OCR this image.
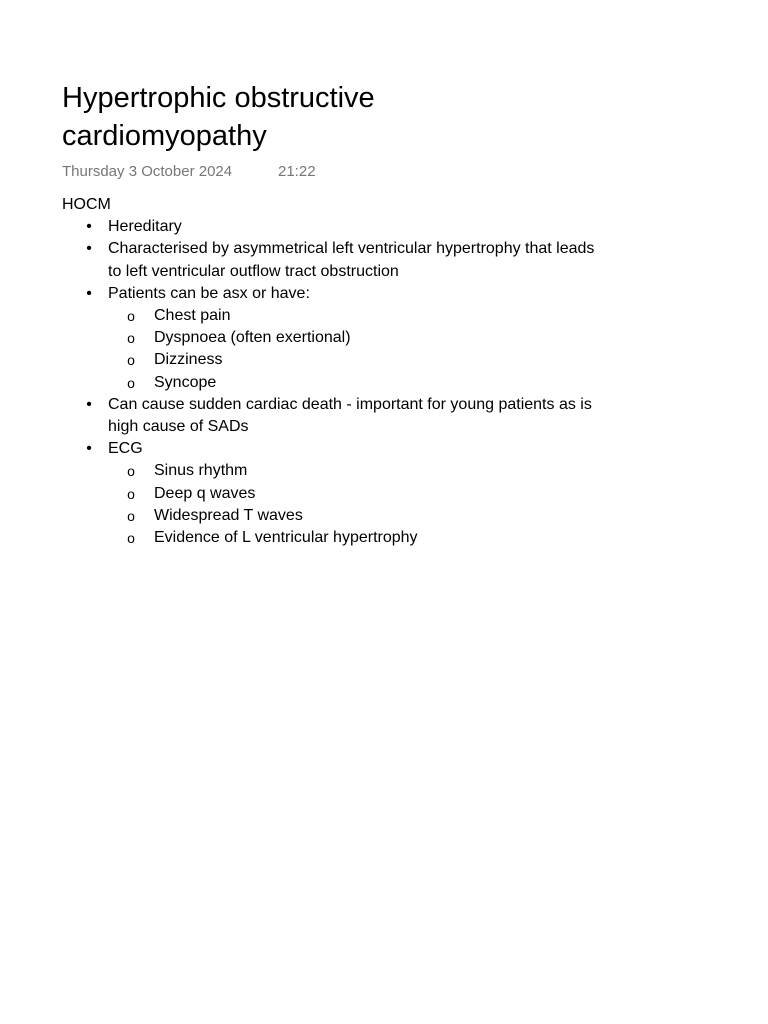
Hypertrophic obstructive cardiomyopathy
Thursday 3 October 2024	21:22
HOCM
• Hereditary
• Characterised by asymmetrical left ventricular hypertrophy that leads to left ventricular outflow tract obstruction
• Patients can be asx or have:
o Chest pain
o Dyspnoea (often exertional)
o Dizziness
o Syncope
• Can cause sudden cardiac death - important for young patients as is high cause of SADs
• ECG
o Sinus rhythm
o Deep q waves
o Widespread T waves
o Evidence of L ventricular hypertrophy
